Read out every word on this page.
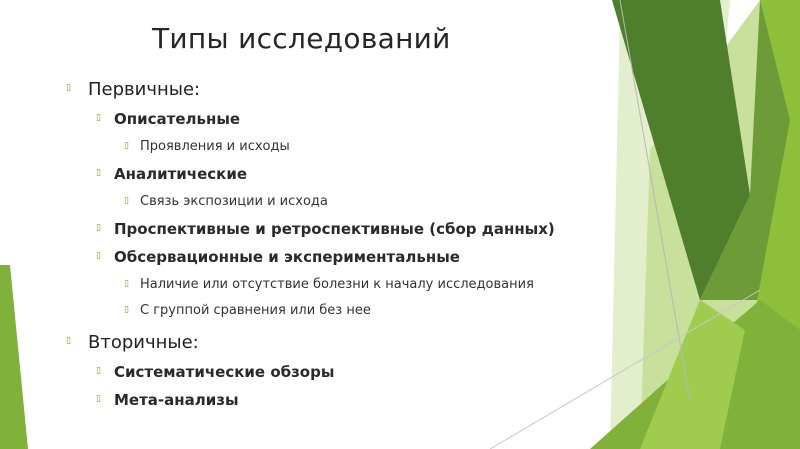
Типы исследований
▯ Первичные:
▯ Описательные
▯ Проявления и исходы
▯ Аналитические
▯ Связь экспозиции и исхода
▯ Проспективные и ретроспективные (сбор данных)
▯ Обсервационные и экспериментальные
▯ Наличие или отсутствие болезни к началу исследования
▯ С группой сравнения или без нее
▯ Вторичные:
▯ Систематические обзоры
▯ Мета-анализы
